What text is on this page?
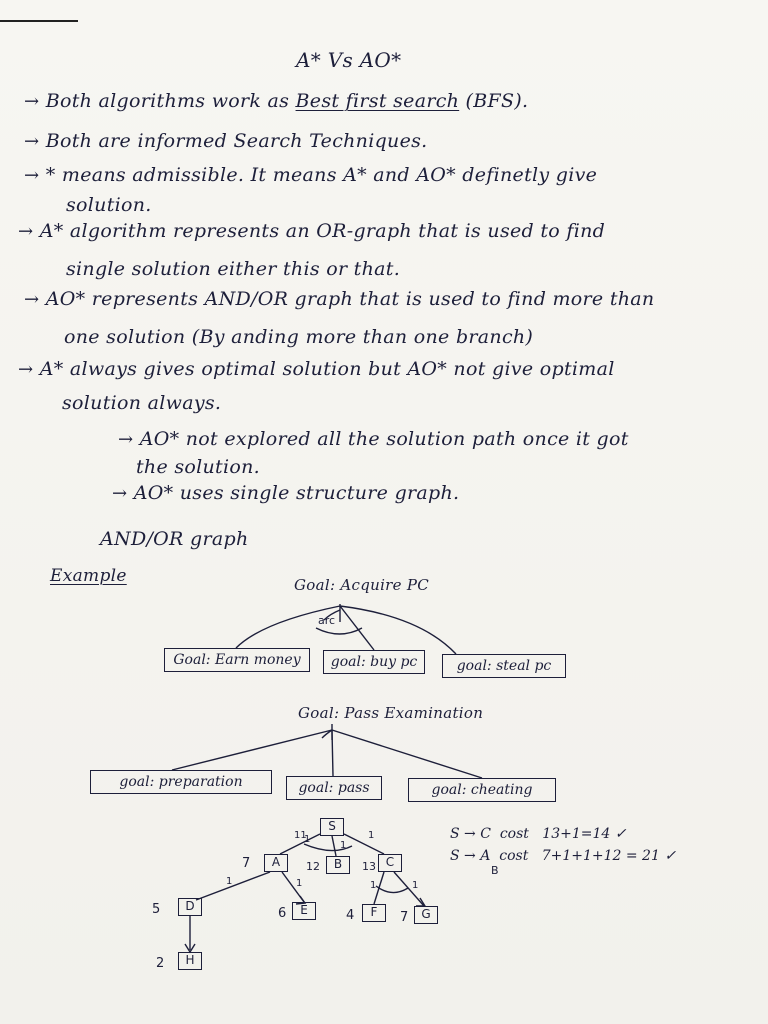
A* Vs AO*
→ Both algorithms work as Best first search (BFS).
→ Both are informed Search Techniques.
→ * means admissible. It means A* and AO* definetly give
solution.
→ A* algorithm represents an OR-graph that is used to find
single solution either this or that.
→ AO* represents AND/OR graph that is used to find more than
one solution (By anding more than one branch)
→ A* always gives optimal solution but AO* not give optimal
solution always.
→ AO* not explored all the solution path once it got
the solution.
→ AO* uses single structure graph.
AND/OR graph
Example	Goal: Acquire PC
arc
Goal: Earn money	goal: buy pc	goal: steal pc
Goal: Pass Examination
goal: preparation	goal: pass	goal: cheating
S
A	B	C
D	E	F	G
H
7	12	13
5	6	4	7
2
11
1
1
1
1	1	1	1
S → C cost 13+1=14 ✓
S → A cost 7+1+1+12 = 21 ✓
B
